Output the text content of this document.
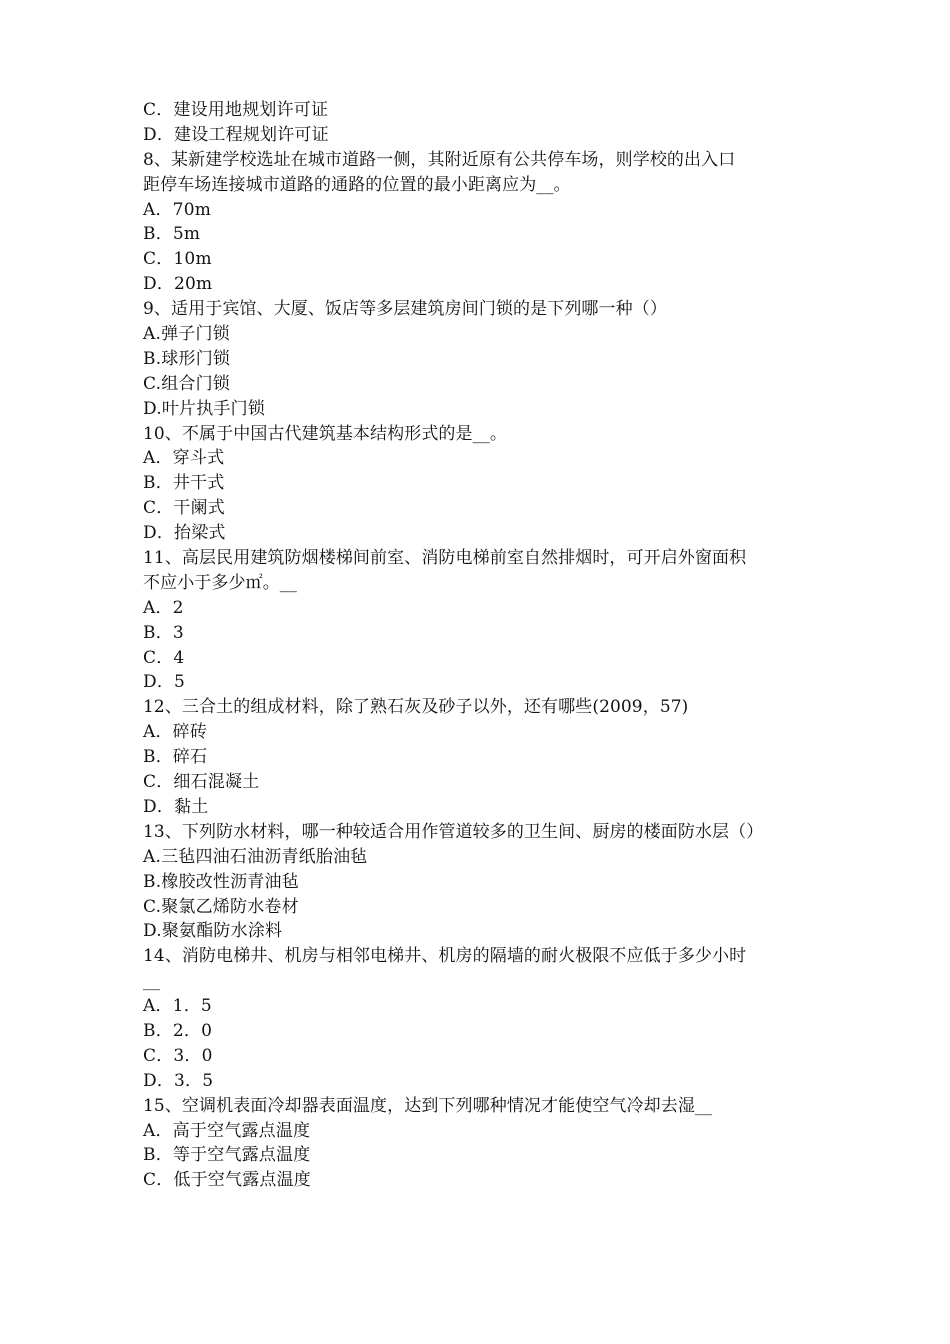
C．建设用地规划许可证
D．建设工程规划许可证
8、某新建学校选址在城市道路一侧，其附近原有公共停车场，则学校的出入口
距停车场连接城市道路的通路的位置的最小距离应为__。
A．70m
B．5m
C．10m
D．20m
9、适用于宾馆、大厦、饭店等多层建筑房间门锁的是下列哪一种（）
A.弹子门锁
B.球形门锁
C.组合门锁
D.叶片执手门锁
10、不属于中国古代建筑基本结构形式的是__。
A．穿斗式
B．井干式
C．干阑式
D．抬梁式
11、高层民用建筑防烟楼梯间前室、消防电梯前室自然排烟时，可开启外窗面积
不应小于多少㎡。__
A．2
B．3
C．4
D．5
12、三合土的组成材料，除了熟石灰及砂子以外，还有哪些(2009，57)
A．碎砖
B．碎石
C．细石混凝土
D．黏土
13、下列防水材料，哪一种较适合用作管道较多的卫生间、厨房的楼面防水层（）
A.三毡四油石油沥青纸胎油毡
B.橡胶改性沥青油毡
C.聚氯乙烯防水卷材
D.聚氨酯防水涂料
14、消防电梯井、机房与相邻电梯井、机房的隔墙的耐火极限不应低于多少小时
__
A．1．5
B．2．0
C．3．0
D．3．5
15、空调机表面冷却器表面温度，达到下列哪种情况才能使空气冷却去湿__
A．高于空气露点温度
B．等于空气露点温度
C．低于空气露点温度
